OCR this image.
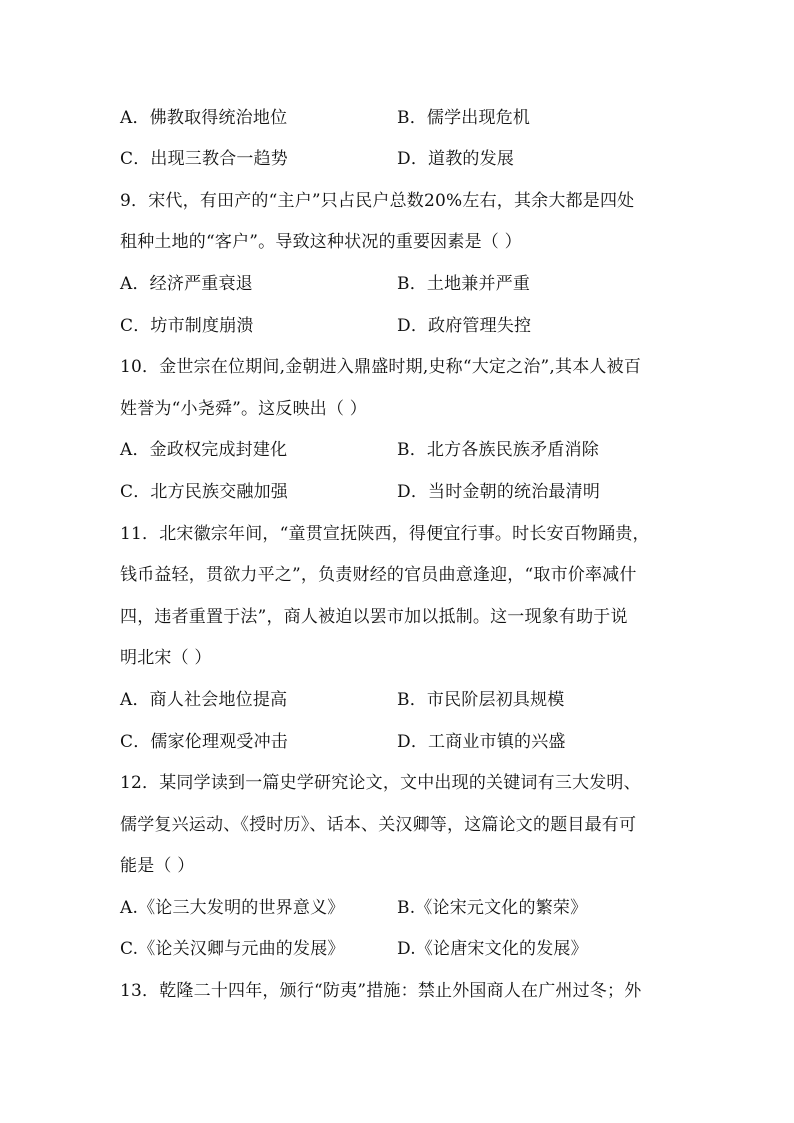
A．佛教取得统治地位	B．儒学出现危机
C．出现三教合一趋势	D．道教的发展
9．宋代，有田产的“主户”只占民户总数20%左右，其余大都是四处
租种土地的“客户”。导致这种状况的重要因素是（ ）
A．经济严重衰退	B．土地兼并严重
C．坊市制度崩溃	D．政府管理失控
10．金世宗在位期间,金朝进入鼎盛时期,史称“大定之治”,其本人被百
姓誉为“小尧舜”。这反映出（ ）
A．金政权完成封建化	B．北方各族民族矛盾消除
C．北方民族交融加强	D．当时金朝的统治最清明
11．北宋徽宗年间，“童贯宣抚陕西，得便宜行事。时长安百物踊贵，
钱币益轻，贯欲力平之”，负责财经的官员曲意逢迎，“取市价率减什
四，违者重置于法”，商人被迫以罢市加以抵制。这一现象有助于说
明北宋（ ）
A．商人社会地位提高	B．市民阶层初具规模
C．儒家伦理观受冲击	D．工商业市镇的兴盛
12．某同学读到一篇史学研究论文，文中出现的关键词有三大发明、
儒学复兴运动、《授时历》、话本、关汉卿等，这篇论文的题目最有可
能是（ ）
A.《论三大发明的世界意义》	B.《论宋元文化的繁荣》
C.《论关汉卿与元曲的发展》	D.《论唐宋文化的发展》
13．乾隆二十四年，颁行“防夷”措施：禁止外国商人在广州过冬；外
